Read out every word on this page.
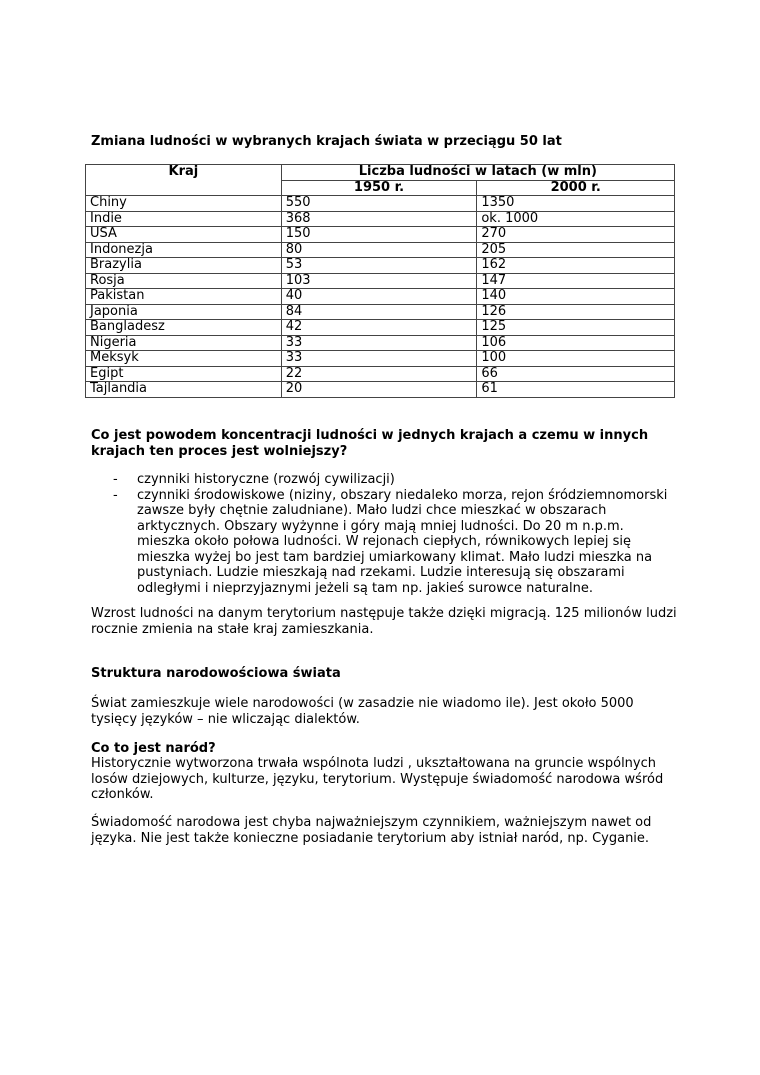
Zmiana ludności w wybranych krajach świata w przeciągu 50 lat
Kraj	Liczba ludności w latach (w mln)	
	1950 r.	2000 r.
Chiny	550	1350
Indie	368	ok. 1000
USA	150	270
Indonezja	80	205
Brazylia	53	162
Rosja	103	147
Pakistan	40	140
Japonia	84	126
Bangladesz	42	125
Nigeria	33	106
Meksyk	33	100
Egipt	22	66
Tajlandia	20	61
Co jest powodem koncentracji ludności w jednych krajach a czemu w innych krajach ten proces jest wolniejszy?
- czynniki historyczne (rozwój cywilizacji)
- czynniki środowiskowe (niziny, obszary niedaleko morza, rejon śródziemnomorski zawsze były chętnie zaludniane). Mało ludzi chce mieszkać w obszarach arktycznych. Obszary wyżynne i góry mają mniej ludności. Do 20 m n.p.m. mieszka około połowa ludności. W rejonach ciepłych, równikowych lepiej się mieszka wyżej bo jest tam bardziej umiarkowany klimat. Mało ludzi mieszka na pustyniach. Ludzie mieszkają nad rzekami. Ludzie interesują się obszarami odległymi i nieprzyjaznymi jeżeli są tam np. jakieś surowce naturalne.
Wzrost ludności na danym terytorium następuje także dzięki migracją. 125 milionów ludzi rocznie zmienia na stałe kraj zamieszkania.
Struktura narodowościowa świata
Świat zamieszkuje wiele narodowości (w zasadzie nie wiadomo ile). Jest około 5000 tysięcy języków – nie wliczając dialektów.
Co to jest naród?
Historycznie wytworzona trwała wspólnota ludzi , ukształtowana na gruncie wspólnych losów dziejowych, kulturze, języku, terytorium. Występuje świadomość narodowa wśród członków.
Świadomość narodowa jest chyba najważniejszym czynnikiem, ważniejszym nawet od języka. Nie jest także konieczne posiadanie terytorium aby istniał naród, np. Cyganie.
